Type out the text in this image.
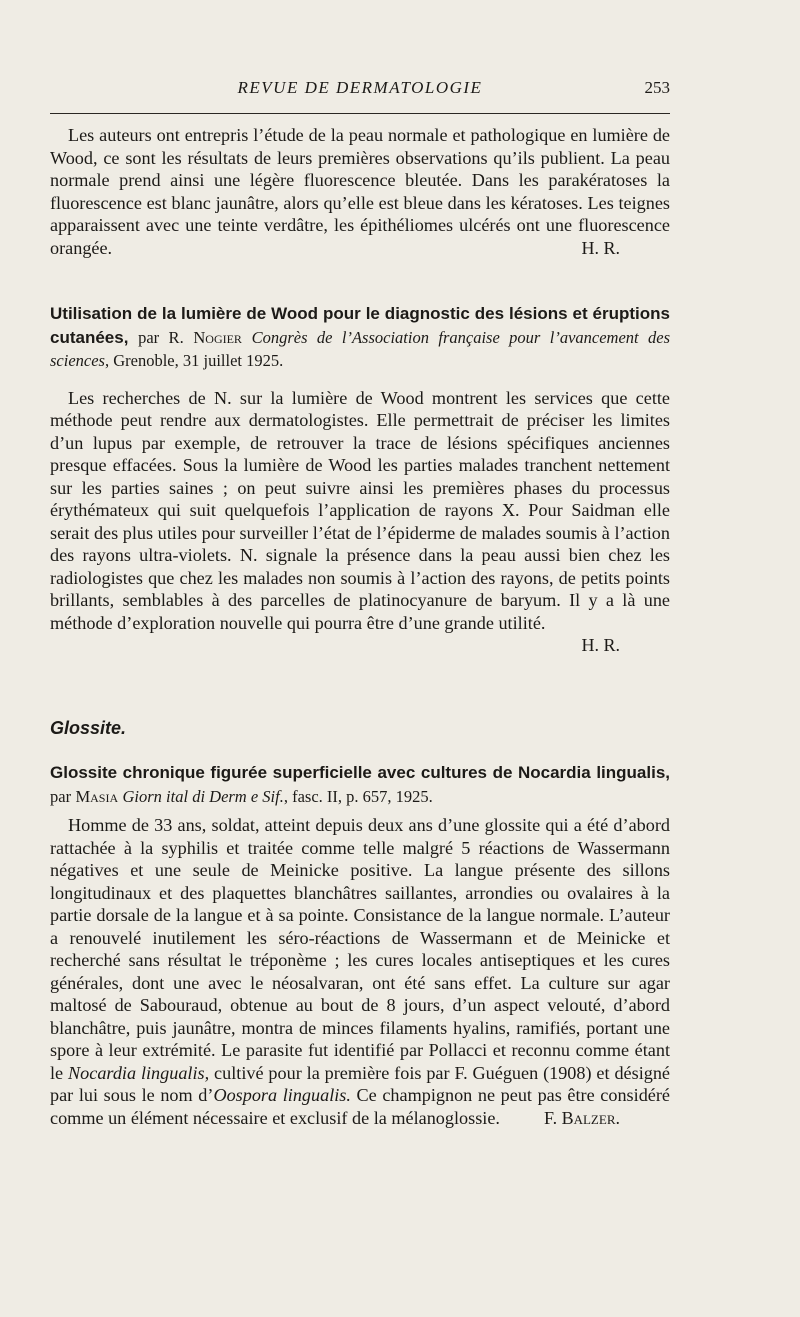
REVUE DE DERMATOLOGIE	253

Les auteurs ont entrepris l’étude de la peau normale et pathologique en lumière de Wood, ce sont les résultats de leurs premières observations qu’ils publient. La peau normale prend ainsi une légère fluorescence bleutée. Dans les parakératoses la fluorescence est blanc jaunâtre, alors qu’elle est bleue dans les kératoses. Les teignes apparaissent avec une teinte verdâtre, les épithéliomes ulcérés ont une fluorescence orangée.	H. R.
Utilisation de la lumière de Wood pour le diagnostic des lésions et éruptions cutanées, par R. Nogier Congrès de l’Association française pour l’avancement des sciences, Grenoble, 31 juillet 1925.

Les recherches de N. sur la lumière de Wood montrent les services que cette méthode peut rendre aux dermatologistes. Elle permettrait de préciser les limites d’un lupus par exemple, de retrouver la trace de lésions spécifiques anciennes presque effacées. Sous la lumière de Wood les parties malades tranchent nettement sur les parties saines ; on peut suivre ainsi les premières phases du processus érythémateux qui suit quelquefois l’application de rayons X. Pour Saidman elle serait des plus utiles pour surveiller l’état de l’épiderme de malades soumis à l’action des rayons ultra-violets. N. signale la présence dans la peau aussi bien chez les radiologistes que chez les malades non soumis à l’action des rayons, de petits points brillants, semblables à des parcelles de platinocyanure de baryum. Il y a là une méthode d’exploration nouvelle qui pourra être d’une grande utilité.

H. R.
Glossite.
Glossite chronique figurée superficielle avec cultures de Nocardia lingualis, par Masia Giorn ital di Derm e Sif., fasc. II, p. 657, 1925.

Homme de 33 ans, soldat, atteint depuis deux ans d’une glossite qui a été d’abord rattachée à la syphilis et traitée comme telle malgré 5 réactions de Wassermann négatives et une seule de Meinicke positive. La langue présente des sillons longitudinaux et des plaquettes blanchâtres saillantes, arrondies ou ovalaires à la partie dorsale de la langue et à sa pointe. Consistance de la langue normale. L’auteur a renouvelé inutilement les séro-réactions de Wassermann et de Meinicke et recherché sans résultat le tréponème ; les cures locales antiseptiques et les cures générales, dont une avec le néosalvaran, ont été sans effet. La culture sur agar maltosé de Sabouraud, obtenue au bout de 8 jours, d’un aspect velouté, d’abord blanchâtre, puis jaunâtre, montra de minces filaments hyalins, ramifiés, portant une spore à leur extrémité. Le parasite fut identifié par Pollacci et reconnu comme étant le Nocardia lingualis, cultivé pour la première fois par F. Guéguen (1908) et désigné par lui sous le nom d’Oospora lingualis. Ce champignon ne peut pas être considéré comme un élément nécessaire et exclusif de la mélanoglossie.	F. Balzer.
